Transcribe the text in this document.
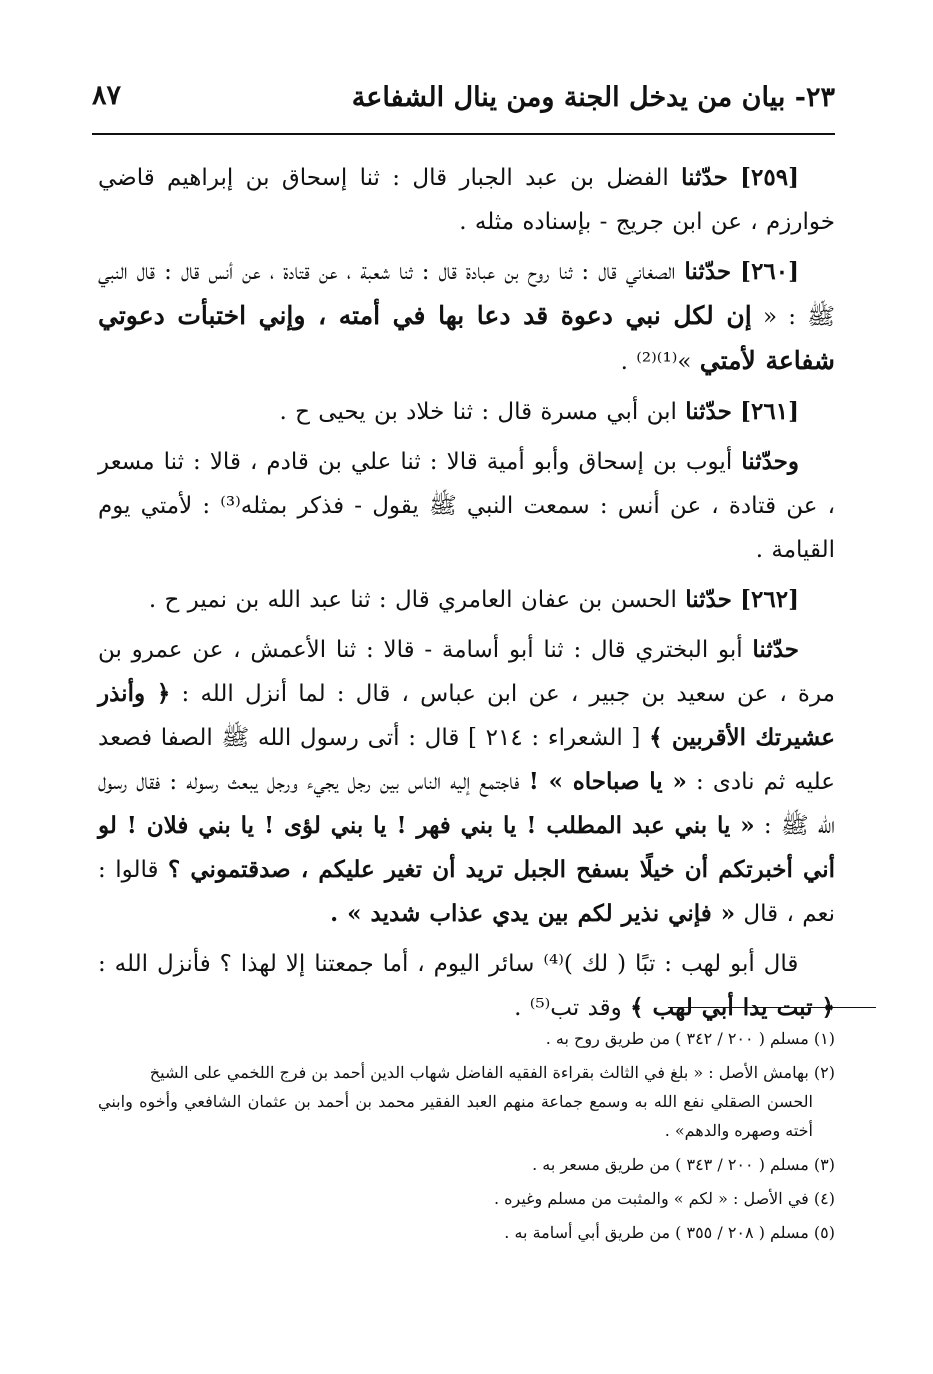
٢٣- بيان من يدخل الجنة ومن ينال الشفاعة
٨٧

[٢٥٩] حدّثنا الفضل بن عبد الجبار قال : ثنا إسحاق بن إبراهيم قاضي خوارزم ، عن ابن جريج - بإسناده مثله .

[٢٦٠] حدّثنا الصغاني قال : ثنا روح بن عبادة قال : ثنا شعبة ، عن قتادة ، عن أنس قال : قال النبي ﷺ : « إن لكل نبي دعوة قد دعا بها في أمته ، وإني اختبأت دعوتي شفاعة لأمتي »⁽¹⁾⁽²⁾ .

[٢٦١] حدّثنا ابن أبي مسرة قال : ثنا خلاد بن يحيى ح .

وحدّثنا أيوب بن إسحاق وأبو أمية قالا : ثنا علي بن قادم ، قالا : ثنا مسعر ، عن قتادة ، عن أنس : سمعت النبي ﷺ يقول - فذكر بمثله⁽³⁾ : لأمتي يوم القيامة .

[٢٦٢] حدّثنا الحسن بن عفان العامري قال : ثنا عبد الله بن نمير ح .

حدّثنا أبو البختري قال : ثنا أبو أسامة - قالا : ثنا الأعمش ، عن عمرو بن مرة ، عن سعيد بن جبير ، عن ابن عباس ، قال : لما أنزل الله : ﴿ وأنذر عشيرتك الأقربين ﴾ [ الشعراء : ٢١٤ ] قال : أتى رسول الله ﷺ الصفا فصعد عليه ثم نادى : « يا صباحاه » ! فاجتمع إليه الناس بين رجل يجيء ورجل يبعث رسوله : فقال رسول الله ﷺ : « يا بني عبد المطلب ! يا بني فهر ! يا بني لؤى ! يا بني فلان ! لو أني أخبرتكم أن خيلًا بسفح الجبل تريد أن تغير عليكم ، صدقتموني ؟ قالوا : نعم ، قال « فإني نذير لكم بين يدي عذاب شديد » .

قال أبو لهب : تبًا ( لك )⁽⁴⁾ سائر اليوم ، أما جمعتنا إلا لهذا ؟ فأنزل الله : ﴿ تبت يدا أبي لهب ﴾ وقد تب⁽⁵⁾ .

(١) مسلم ( ٢٠٠ / ٣٤٢ ) من طريق روح به .

(٢) بهامش الأصل : « بلغ في الثالث بقراءة الفقيه الفاضل شهاب الدين أحمد بن فرج اللخمي على الشيخ
الحسن الصقلي نفع الله به وسمع جماعة منهم العبد الفقير محمد بن أحمد بن عثمان الشافعي وأخوه وابني أخته وصهره والدهم» .

(٣) مسلم ( ٢٠٠ / ٣٤٣ ) من طريق مسعر به .

(٤) في الأصل : « لكم » والمثبت من مسلم وغيره .

(٥) مسلم ( ٢٠٨ / ٣٥٥ ) من طريق أبي أسامة به .
